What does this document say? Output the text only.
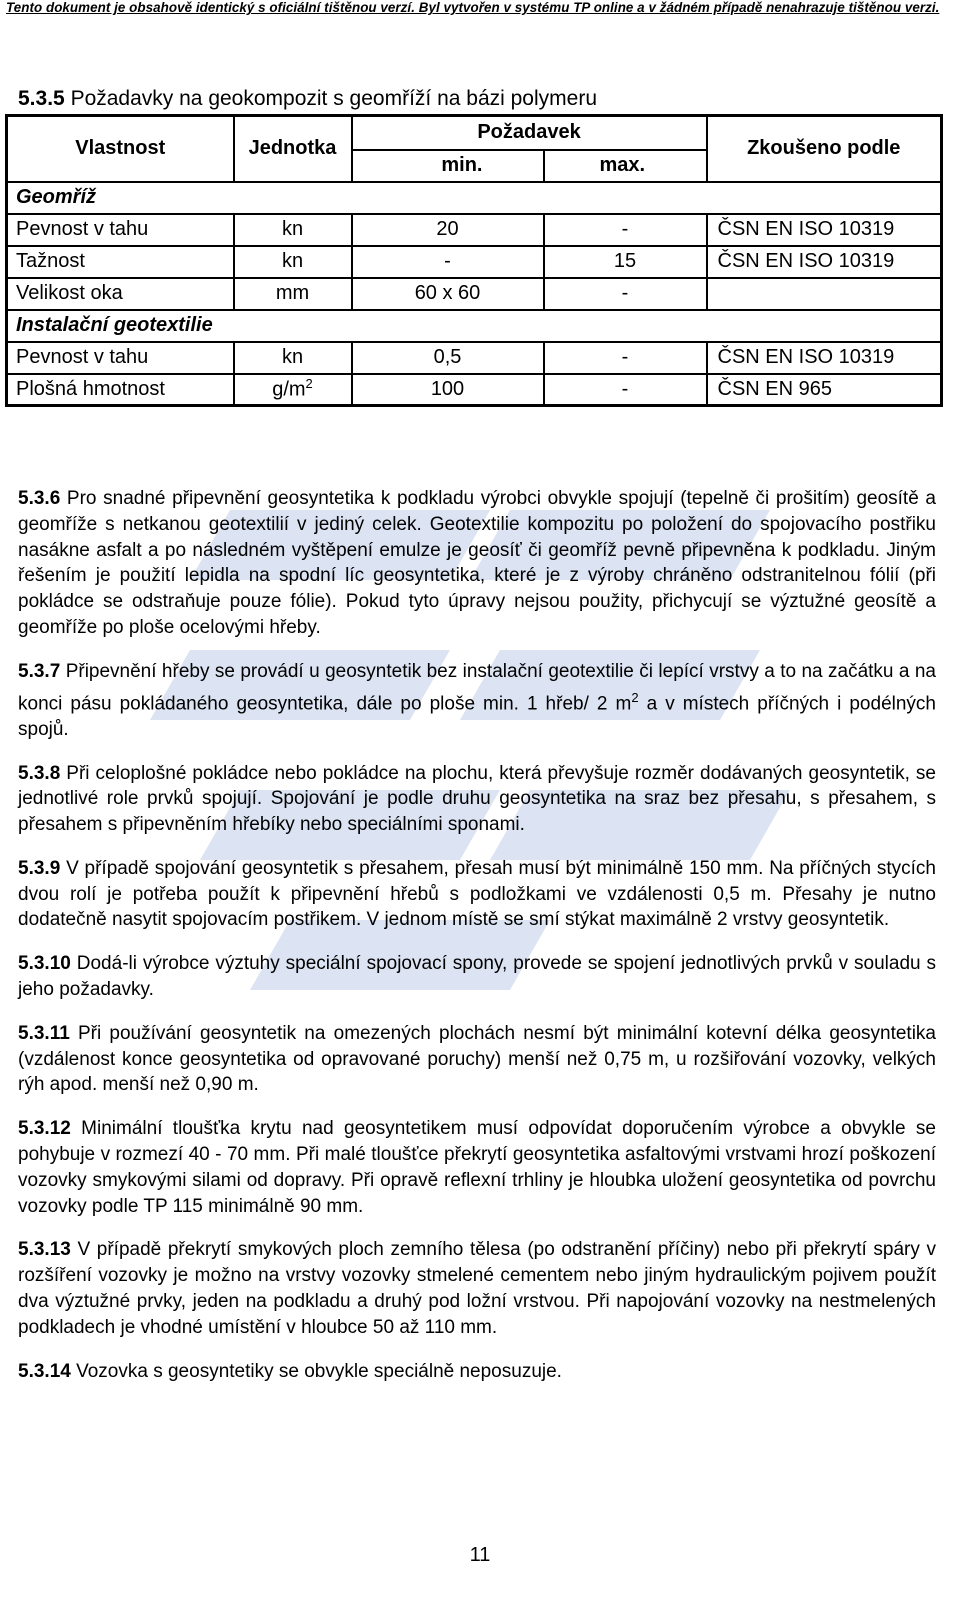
Tento dokument je obsahově identický s oficiální tištěnou verzí. Byl vytvořen v systému TP online a v žádném případě nenahrazuje tištěnou verzi.
5.3.5 Požadavky na geokompozit s geomříží na bázi polymeru
Vlastnost	Jednotka	Požadavek		Zkoušeno podle
		min.	max.	
Geomříž				
Pevnost v tahu	kn	20	-	ČSN EN ISO 10319
Tažnost	kn	-	15	ČSN EN ISO 10319
Velikost oka	mm	60 x 60	-	
Instalační geotextilie				
Pevnost v tahu	kn	0,5	-	ČSN EN ISO 10319
Plošná hmotnost	$g/m^2$	100	-	ČSN EN 965

5.3.6 Pro snadné připevnění geosyntetika k podkladu výrobci obvykle spojují (tepelně či prošitím) geosítě a geomříže s netkanou geotextilií v jediný celek. Geotextilie kompozitu po položení do spojovacího postřiku nasákne asfalt a po následném vyštěpení emulze je geosíť či geomříž pevně připevněna k podkladu. Jiným řešením je použití lepidla na spodní líc geosyntetika, které je z výroby chráněno odstranitelnou fólií (při pokládce se odstraňuje pouze fólie). Pokud tyto úpravy nejsou použity, přichycují se výztužné geosítě a geomříže po ploše ocelovými hřeby.

5.3.7 Připevnění hřeby se provádí u geosyntetik bez instalační geotextilie či lepící vrstvy a to na začátku a na konci pásu pokládaného geosyntetika, dále po ploše min. 1 hřeb/ 2 $m^2$ a v místech příčných i podélných spojů.

5.3.8 Při celoplošné pokládce nebo pokládce na plochu, která převyšuje rozměr dodávaných geosyntetik, se jednotlivé role prvků spojují. Spojování je podle druhu geosyntetika na sraz bez přesahu, s přesahem, s přesahem s připevněním hřebíky nebo speciálními sponami.

5.3.9 V případě spojování geosyntetik s přesahem, přesah musí být minimálně 150 mm. Na příčných stycích dvou rolí je potřeba použít k připevnění hřebů s podložkami ve vzdálenosti 0,5 m. Přesahy je nutno dodatečně nasytit spojovacím postřikem. V jednom místě se smí stýkat maximálně 2 vrstvy geosyntetik.

5.3.10 Dodá-li výrobce výztuhy speciální spojovací spony, provede se spojení jednotlivých prvků v souladu s jeho požadavky.

5.3.11 Při používání geosyntetik na omezených plochách nesmí být minimální kotevní délka geosyntetika (vzdálenost konce geosyntetika od opravované poruchy) menší než 0,75 m, u rozšiřování vozovky, velkých rýh apod. menší než 0,90 m.

5.3.12 Minimální tloušťka krytu nad geosyntetikem musí odpovídat doporučením výrobce a obvykle se pohybuje v rozmezí 40 - 70 mm. Při malé tloušťce překrytí geosyntetika asfaltovými vrstvami hrozí poškození vozovky smykovými silami od dopravy. Při opravě reflexní trhliny je hloubka uložení geosyntetika od povrchu vozovky podle TP 115 minimálně 90 mm.

5.3.13 V případě překrytí smykových ploch zemního tělesa (po odstranění příčiny) nebo při překrytí spáry v rozšíření vozovky je možno na vrstvy vozovky stmelené cementem nebo jiným hydraulickým pojivem použít dva výztužné prvky, jeden na podkladu a druhý pod ložní vrstvou. Při napojování vozovky na nestmelených podkladech je vhodné umístění v hloubce 50 až 110 mm.

5.3.14 Vozovka s geosyntetiky se obvykle speciálně neposuzuje.

11
